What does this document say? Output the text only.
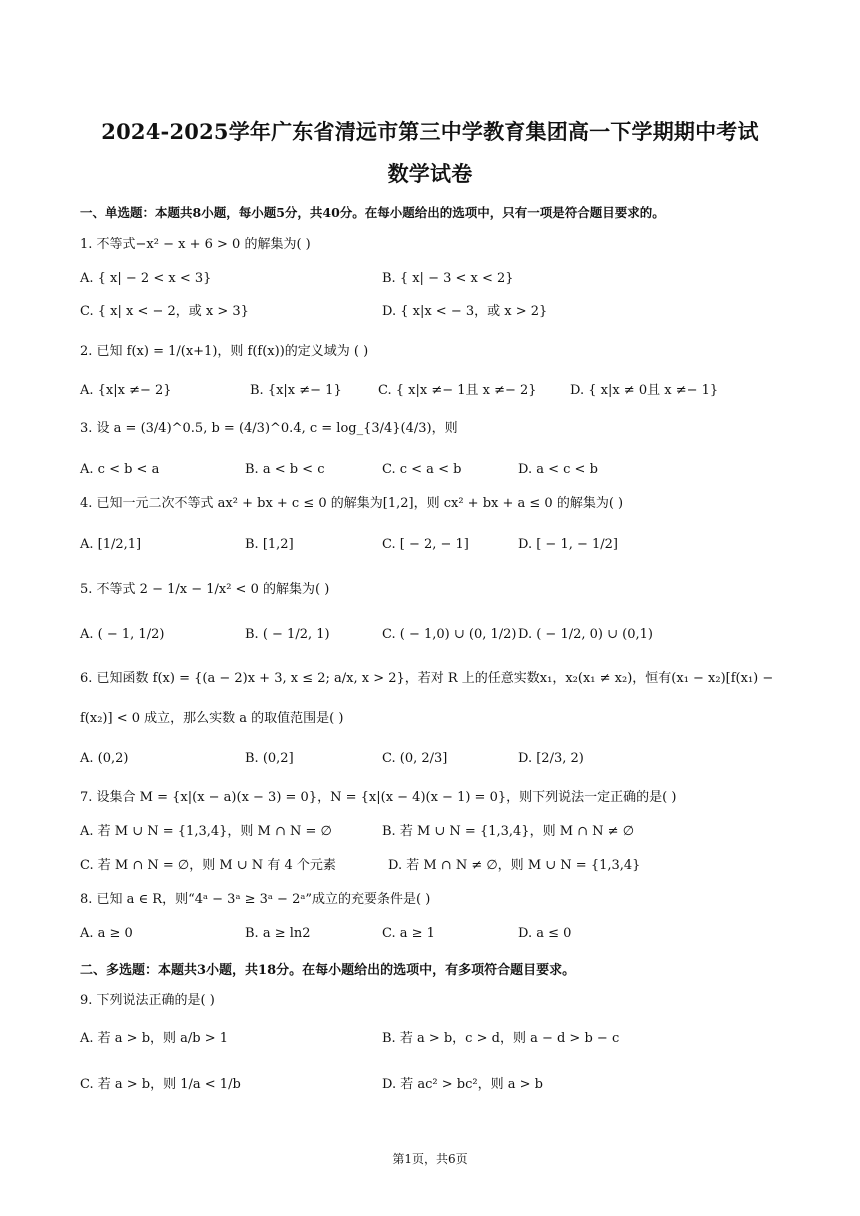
2024-2025学年广东省清远市第三中学教育集团高一下学期期中考试
数学试卷
一、单选题：本题共8小题，每小题5分，共40分。在每小题给出的选项中，只有一项是符合题目要求的。
1. 不等式−x² − x + 6 > 0 的解集为( )
A. { x| − 2 < x < 3}	B. { x| − 3 < x < 2}
C. { x| x < − 2，或 x > 3}	D. { x|x < − 3，或 x > 2}
2. 已知 f(x) = 1/(x+1)，则 f(f(x))的定义域为 ( )
A. {x|x ≠− 2}	B. {x|x ≠− 1}	C. { x|x ≠− 1且 x ≠− 2}	D. { x|x ≠ 0且 x ≠− 1}
3. 设 a = (3/4)^0.5, b = (4/3)^0.4, c = log_{3/4}(4/3)，则
A. c < b < a	B. a < b < c	C. c < a < b	D. a < c < b
4. 已知一元二次不等式 ax² + bx + c ≤ 0 的解集为[1,2]，则 cx² + bx + a ≤ 0 的解集为( )
A. [1/2,1]	B. [1,2]	C. [ − 2, − 1]	D. [ − 1, − 1/2]
5. 不等式 2 − 1/x − 1/x² < 0 的解集为( )
A. ( − 1, 1/2)	B. ( − 1/2, 1)	C. ( − 1,0) ∪ (0, 1/2) D. ( − 1/2, 0) ∪ (0,1)
6. 已知函数 f(x) = {(a − 2)x + 3, x ≤ 2; a/x, x > 2}，若对 R 上的任意实数x₁，x₂(x₁ ≠ x₂)，恒有(x₁ − x₂)[f(x₁) −
f(x₂)] < 0 成立，那么实数 a 的取值范围是( )
A. (0,2)	B. (0,2]	C. (0, 2/3]	D. [2/3, 2)
7. 设集合 M = {x|(x − a)(x − 3) = 0}，N = {x|(x − 4)(x − 1) = 0}，则下列说法一定正确的是( )
A. 若 M ∪ N = {1,3,4}，则 M ∩ N = ∅	B. 若 M ∪ N = {1,3,4}，则 M ∩ N ≠ ∅
C. 若 M ∩ N = ∅，则 M ∪ N 有 4 个元素	D. 若 M ∩ N ≠ ∅，则 M ∪ N = {1,3,4}
8. 已知 a ∈ R，则“4ᵃ − 3ᵃ ≥ 3ᵃ − 2ᵃ”成立的充要条件是( )
A. a ≥ 0	B. a ≥ ln2	C. a ≥ 1	D. a ≤ 0
二、多选题：本题共3小题，共18分。在每小题给出的选项中，有多项符合题目要求。
9. 下列说法正确的是( )
A. 若 a > b，则 a/b > 1	B. 若 a > b，c > d，则 a − d > b − c
C. 若 a > b，则 1/a < 1/b	D. 若 ac² > bc²，则 a > b
第1页，共6页
